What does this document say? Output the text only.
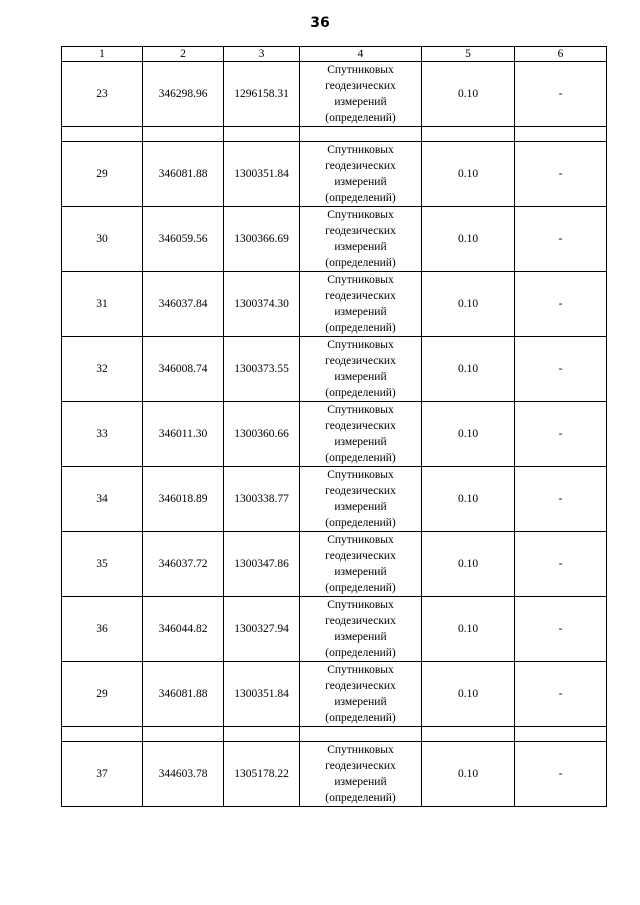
36
1	2	3	4	5	6
23	346298.96	1296158.31	Спутниковых геодезических измерений (определений)	0.10	-

29	346081.88	1300351.84	Спутниковых геодезических измерений (определений)	0.10	-
30	346059.56	1300366.69	Спутниковых геодезических измерений (определений)	0.10	-
31	346037.84	1300374.30	Спутниковых геодезических измерений (определений)	0.10	-
32	346008.74	1300373.55	Спутниковых геодезических измерений (определений)	0.10	-
33	346011.30	1300360.66	Спутниковых геодезических измерений (определений)	0.10	-
34	346018.89	1300338.77	Спутниковых геодезических измерений (определений)	0.10	-
35	346037.72	1300347.86	Спутниковых геодезических измерений (определений)	0.10	-
36	346044.82	1300327.94	Спутниковых геодезических измерений (определений)	0.10	-
29	346081.88	1300351.84	Спутниковых геодезических измерений (определений)	0.10	-

37	344603.78	1305178.22	Спутниковых геодезических измерений (определений)	0.10	-
